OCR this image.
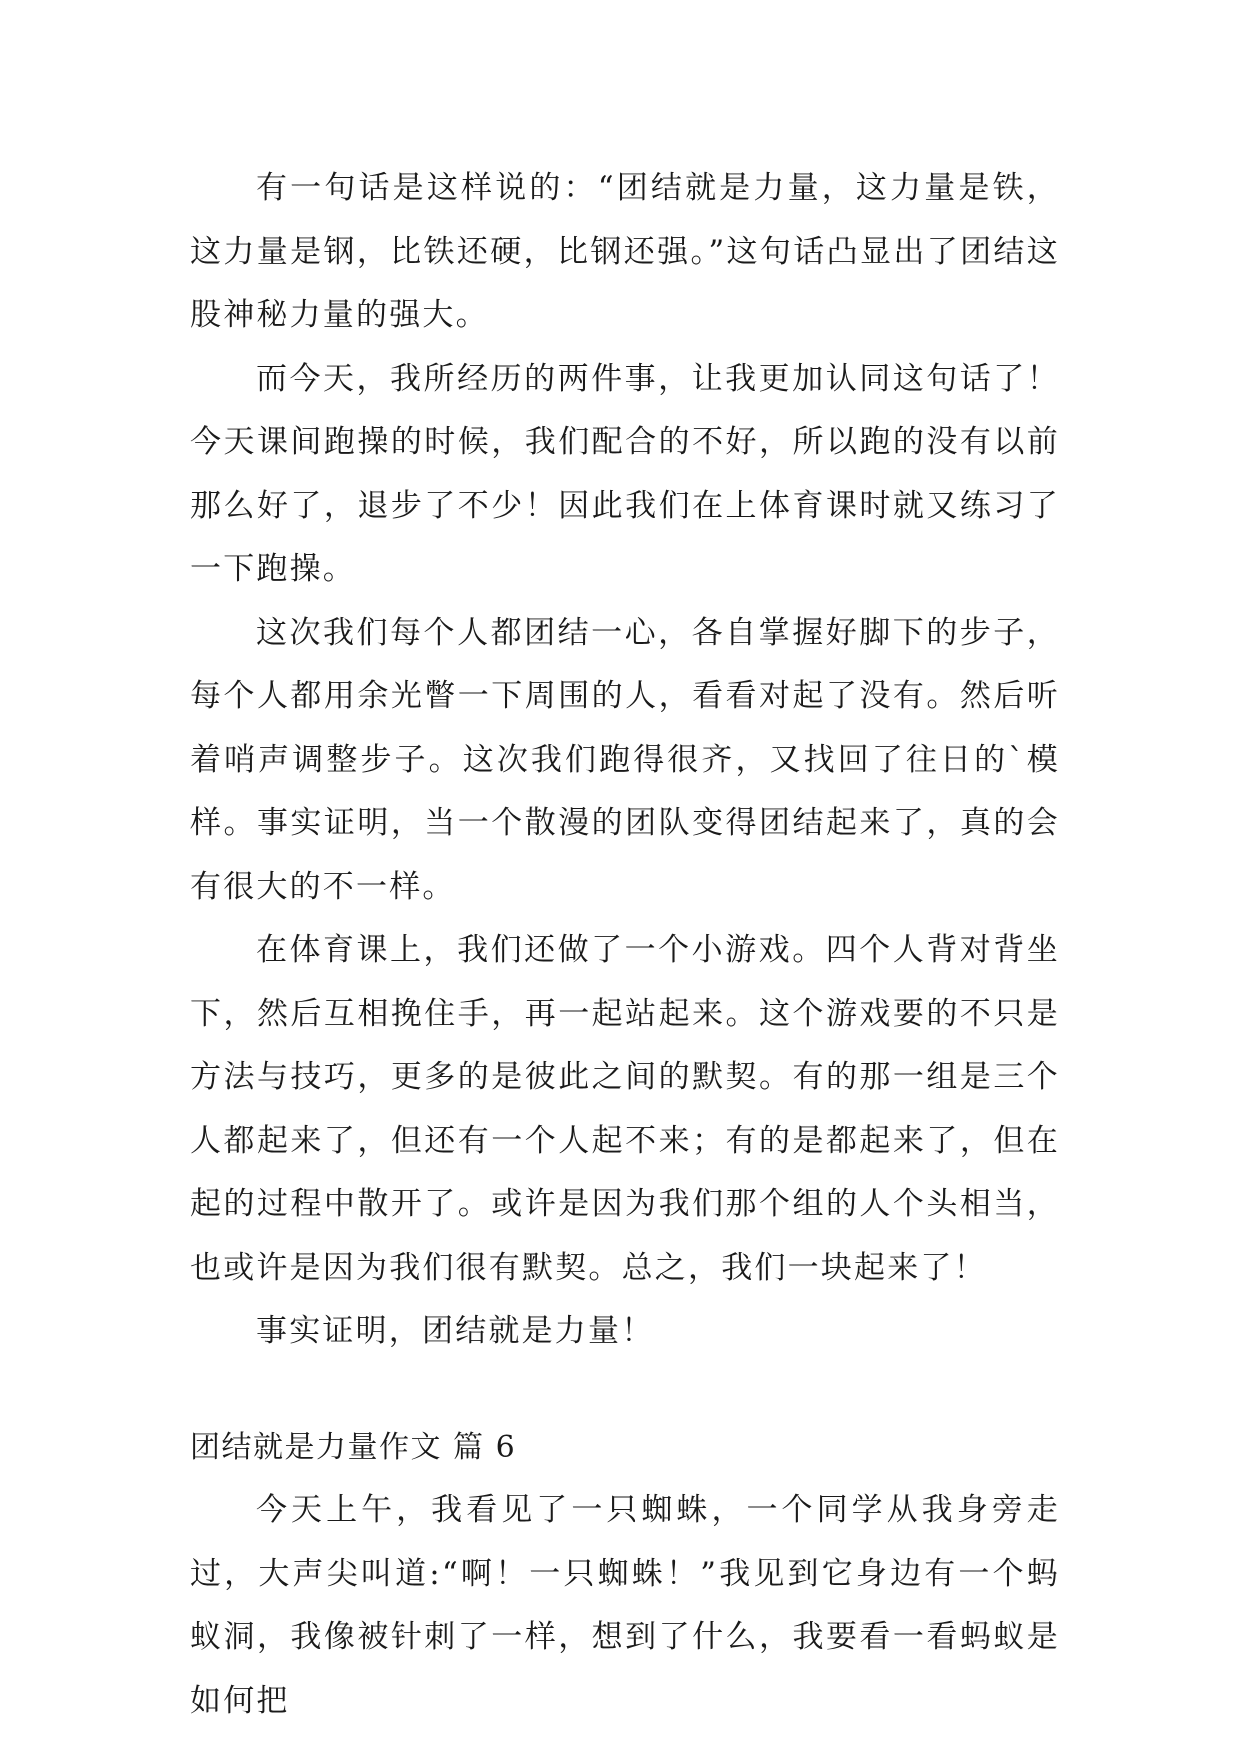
有一句话是这样说的：“团结就是力量，这力量是铁，这力量是钢，比铁还硬，比钢还强。”这句话凸显出了团结这股神秘力量的强大。

而今天，我所经历的两件事，让我更加认同这句话了！今天课间跑操的时候，我们配合的不好，所以跑的没有以前那么好了，退步了不少！因此我们在上体育课时就又练习了一下跑操。

这次我们每个人都团结一心，各自掌握好脚下的步子，每个人都用余光瞥一下周围的人，看看对起了没有。然后听着哨声调整步子。这次我们跑得很齐，又找回了往日的`模样。事实证明，当一个散漫的团队变得团结起来了，真的会有很大的不一样。

在体育课上，我们还做了一个小游戏。四个人背对背坐下，然后互相挽住手，再一起站起来。这个游戏要的不只是方法与技巧，更多的是彼此之间的默契。有的那一组是三个人都起来了，但还有一个人起不来；有的是都起来了，但在起的过程中散开了。或许是因为我们那个组的人个头相当，也或许是因为我们很有默契。总之，我们一块起来了！

事实证明，团结就是力量！

团结就是力量作文 篇 6

今天上午，我看见了一只蜘蛛，一个同学从我身旁走过，大声尖叫道:“啊！一只蜘蛛！”我见到它身边有一个蚂蚁洞，我像被针刺了一样，想到了什么，我要看一看蚂蚁是如何把
